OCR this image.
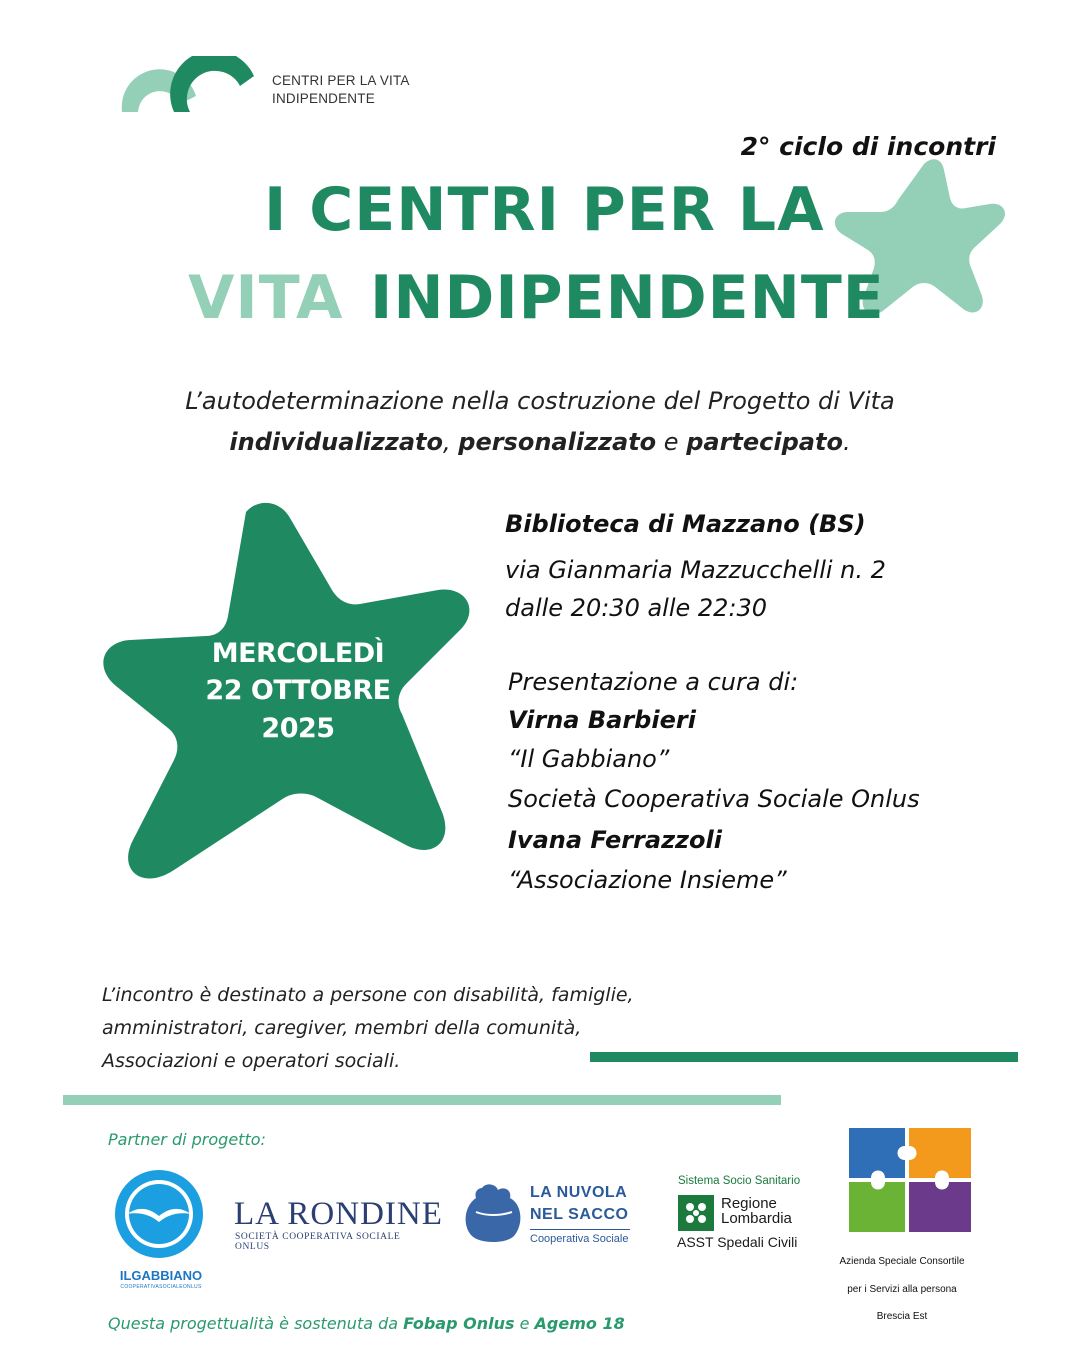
CENTRI PER LA VITA
INDIPENDENTE
2° ciclo di incontri
I CENTRI PER LA
VITA INDIPENDENTE
L’autodeterminazione nella costruzione del Progetto di Vita
individualizzato, personalizzato e partecipato.
MERCOLEDÌ
22 OTTOBRE
2025
Biblioteca di Mazzano (BS)
via Gianmaria Mazzucchelli n. 2
dalle 20:30 alle 22:30
Presentazione a cura di:
Virna Barbieri
“Il Gabbiano”
Società Cooperativa Sociale Onlus
Ivana Ferrazzoli
“Associazione Insieme”
L’incontro è destinato a persone con disabilità, famiglie,
amministratori, caregiver, membri della comunità,
Associazioni e operatori sociali.
Partner di progetto:
ILGABBIANO
COOPERATIVASOCIALEONLUS
LA RONDINE
SOCIETÀ COOPERATIVA SOCIALE ONLUS
LA NUVOLA
NEL SACCO
Cooperativa Sociale
Sistema Socio Sanitario
Regione
Lombardia
ASST Spedali Civili
Azienda Speciale Consortile
per i Servizi alla persona
Brescia Est
Questa progettualità è sostenuta da Fobap Onlus e Agemo 18
